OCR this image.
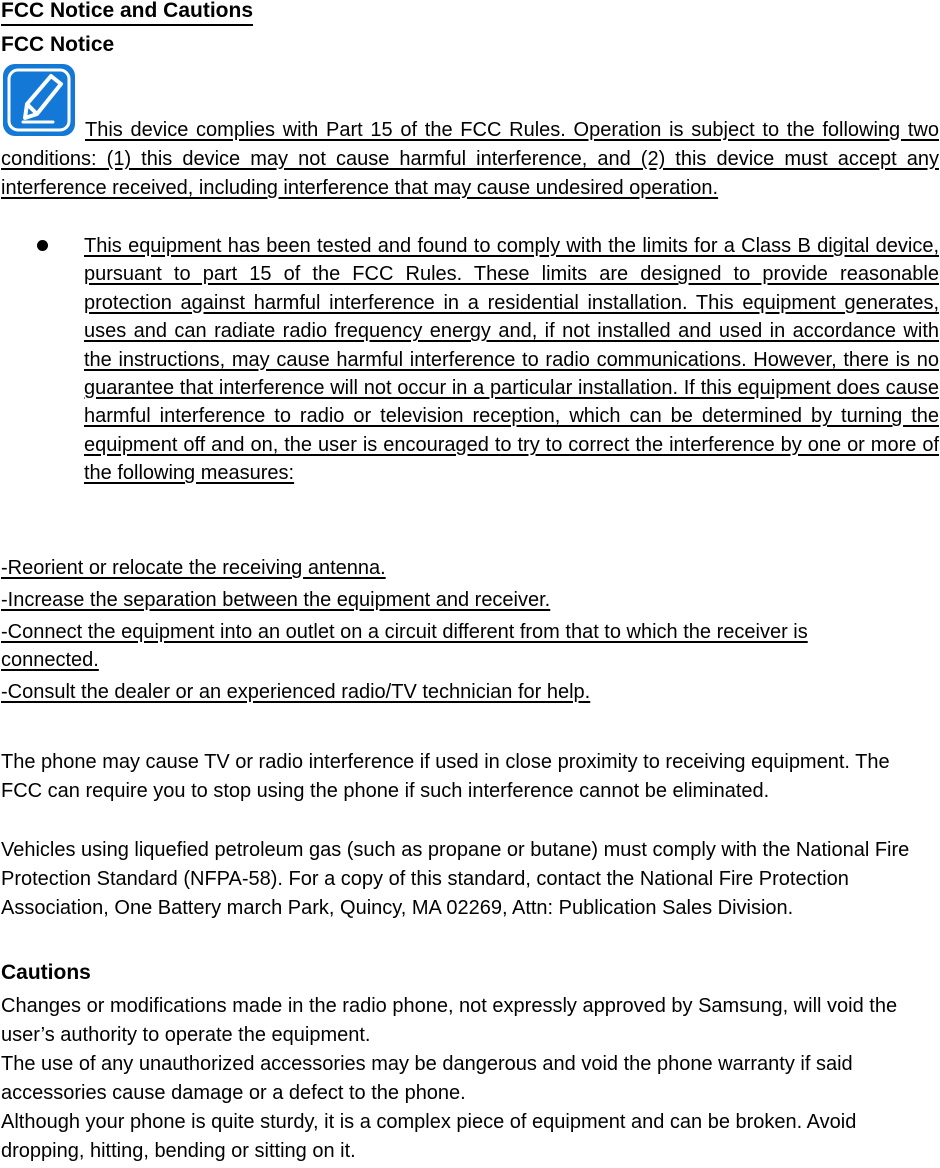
FCC Notice and Cautions
FCC Notice

This device complies with Part 15 of the FCC Rules. Operation is subject to the following two conditions: (1) this device may not cause harmful interference, and (2) this device must accept any interference received, including interference that may cause undesired operation.

This equipment has been tested and found to comply with the limits for a Class B digital device, pursuant to part 15 of the FCC Rules. These limits are designed to provide reasonable protection against harmful interference in a residential installation. This equipment generates, uses and can radiate radio frequency energy and, if not installed and used in accordance with the instructions, may cause harmful interference to radio communications. However, there is no guarantee that interference will not occur in a particular installation. If this equipment does cause harmful interference to radio or television reception, which can be determined by turning the equipment off and on, the user is encouraged to try to correct the interference by one or more of the following measures:

-Reorient or relocate the receiving antenna.
-Increase the separation between the equipment and receiver.
-Connect the equipment into an outlet on a circuit different from that to which the receiver is connected.
-Consult the dealer or an experienced radio/TV technician for help.

The phone may cause TV or radio interference if used in close proximity to receiving equipment. The FCC can require you to stop using the phone if such interference cannot be eliminated.

Vehicles using liquefied petroleum gas (such as propane or butane) must comply with the National Fire Protection Standard (NFPA-58). For a copy of this standard, contact the National Fire Protection Association, One Battery march Park, Quincy, MA 02269, Attn: Publication Sales Division.

Cautions

Changes or modifications made in the radio phone, not expressly approved by Samsung, will void the user’s authority to operate the equipment.

The use of any unauthorized accessories may be dangerous and void the phone warranty if said accessories cause damage or a defect to the phone.

Although your phone is quite sturdy, it is a complex piece of equipment and can be broken. Avoid dropping, hitting, bending or sitting on it.
